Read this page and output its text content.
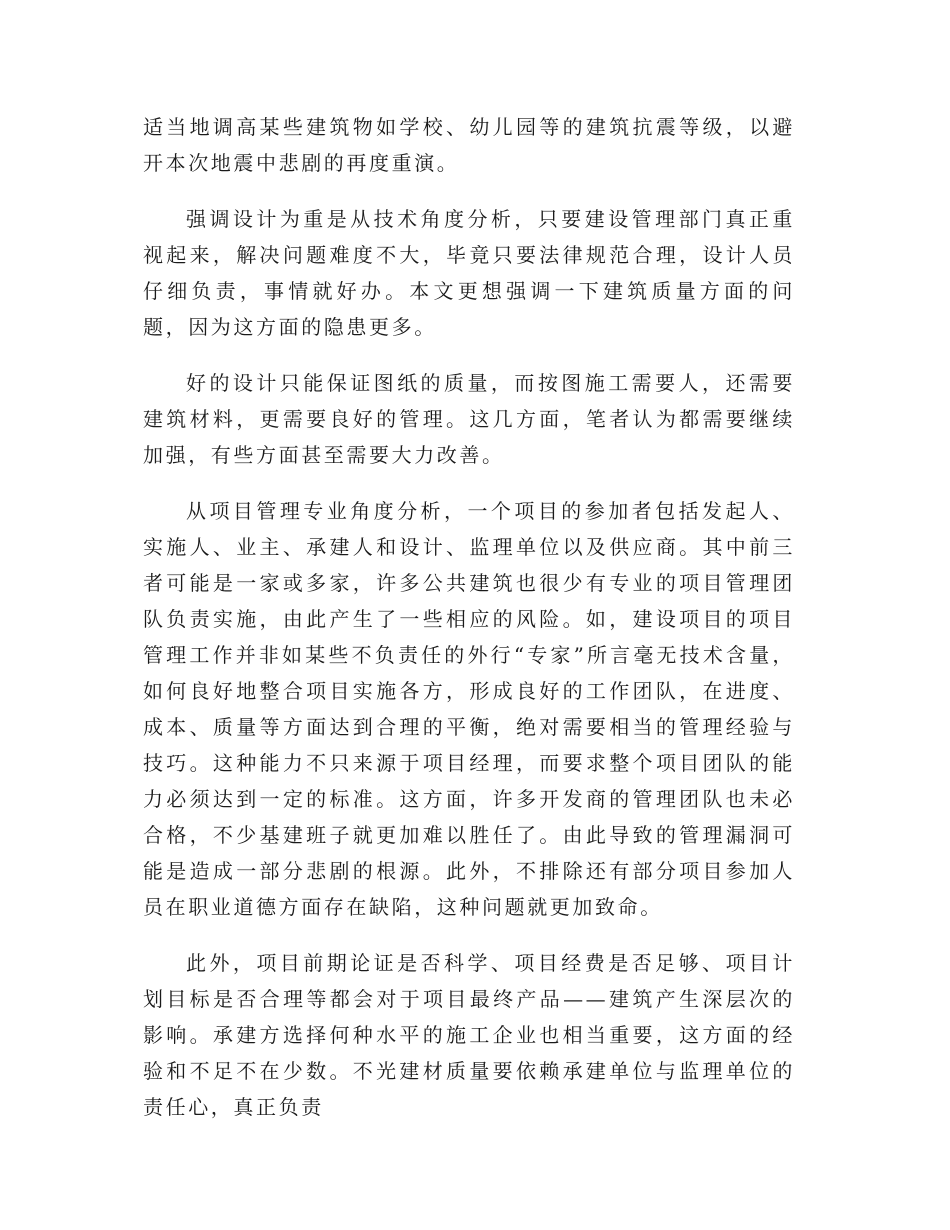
适当地调高某些建筑物如学校、幼儿园等的建筑抗震等级，以避开本次地震中悲剧的再度重演。

强调设计为重是从技术角度分析，只要建设管理部门真正重视起来，解决问题难度不大，毕竟只要法律规范合理，设计人员仔细负责，事情就好办。本文更想强调一下建筑质量方面的问题，因为这方面的隐患更多。

好的设计只能保证图纸的质量，而按图施工需要人，还需要建筑材料，更需要良好的管理。这几方面，笔者认为都需要继续加强，有些方面甚至需要大力改善。

从项目管理专业角度分析，一个项目的参加者包括发起人、实施人、业主、承建人和设计、监理单位以及供应商。其中前三者可能是一家或多家，许多公共建筑也很少有专业的项目管理团队负责实施，由此产生了一些相应的风险。如，建设项目的项目管理工作并非如某些不负责任的外行“专家”所言毫无技术含量，如何良好地整合项目实施各方，形成良好的工作团队，在进度、成本、质量等方面达到合理的平衡，绝对需要相当的管理经验与技巧。这种能力不只来源于项目经理，而要求整个项目团队的能力必须达到一定的标准。这方面，许多开发商的管理团队也未必合格，不少基建班子就更加难以胜任了。由此导致的管理漏洞可能是造成一部分悲剧的根源。此外，不排除还有部分项目参加人员在职业道德方面存在缺陷，这种问题就更加致命。

此外，项目前期论证是否科学、项目经费是否足够、项目计划目标是否合理等都会对于项目最终产品——建筑产生深层次的影响。承建方选择何种水平的施工企业也相当重要，这方面的经验和不足不在少数。不光建材质量要依赖承建单位与监理单位的责任心，真正负责
